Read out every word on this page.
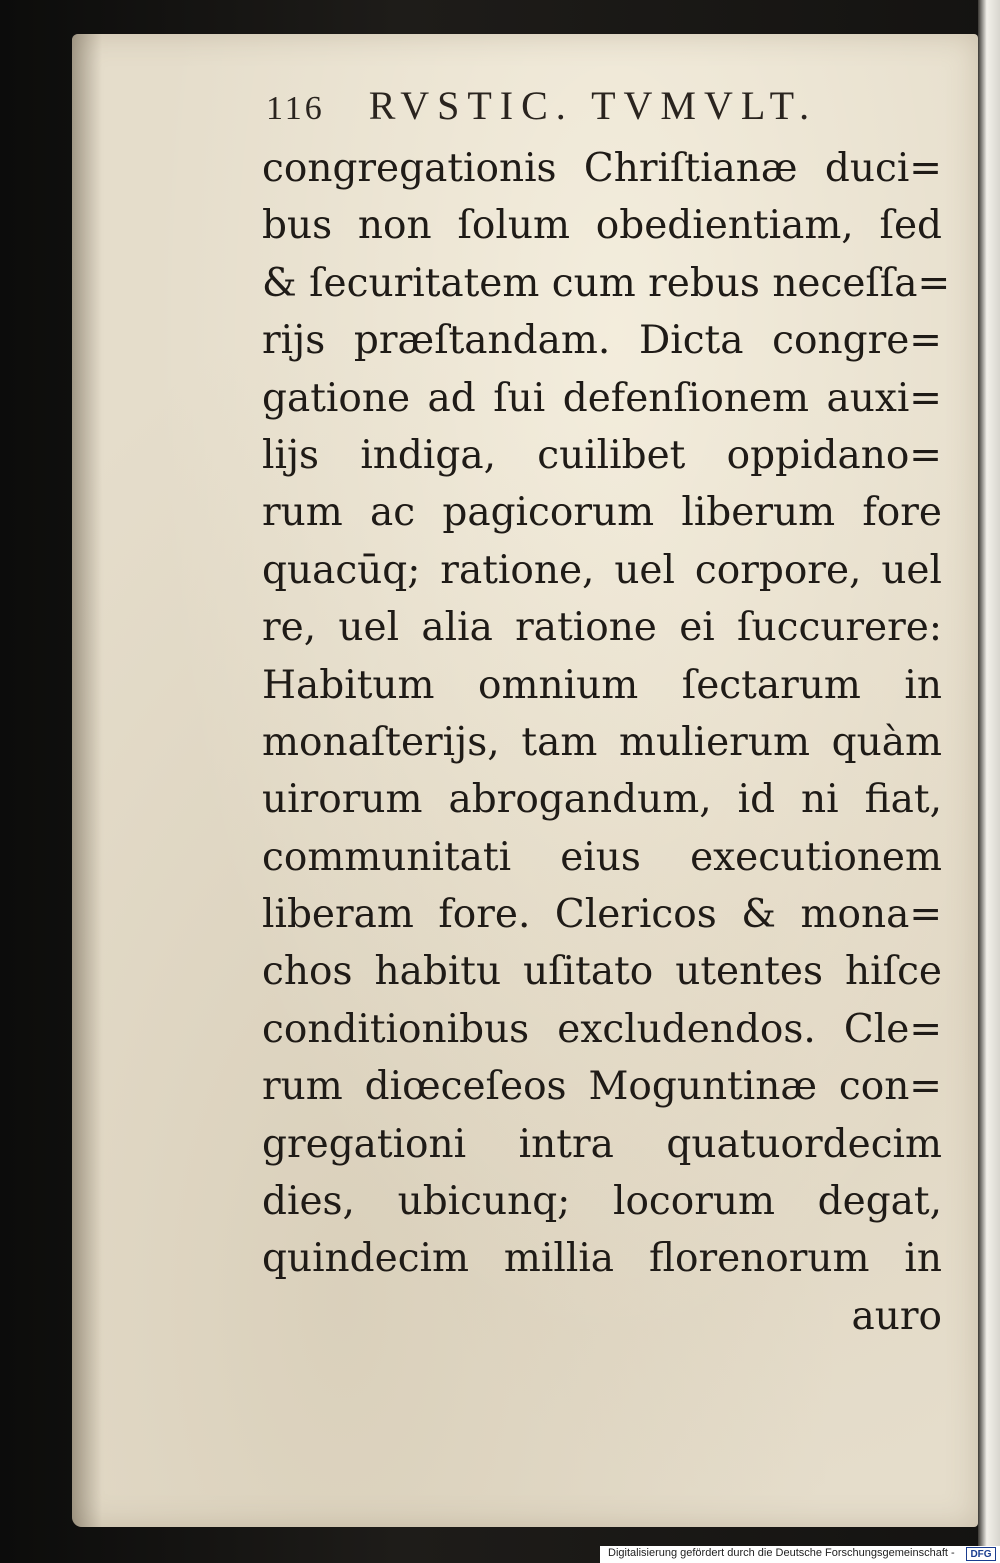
116 RVSTIC. TVMVLT.
congregationis Chriſtianæ duci=
bus non ſolum obedientiam, ſed
& ſecuritatem cum rebus neceſſa=
rijs præſtandam. Dicta congre=
gatione ad ſui defenſionem auxi=
lijs indiga, cuilibet oppidano=
rum ac pagicorum liberum fore
quacūq; ratione, uel corpore, uel
re, uel alia ratione ei ſuccurere:
Habitum omnium ſectarum in
monaſterijs, tam mulierum quàm
uirorum abrogandum, id ni fiat,
communitati eius executionem
liberam fore. Clericos & mona=
chos habitu uſitato utentes hiſce
conditionibus excludendos. Cle=
rum diœceſeos Moguntinæ con=
gregationi intra quatuordecim
dies, ubicunq; locorum degat,
quindecim millia florenorum in
auro
Digitalisierung gefördert durch die Deutsche Forschungsgemeinschaft -	DFG
